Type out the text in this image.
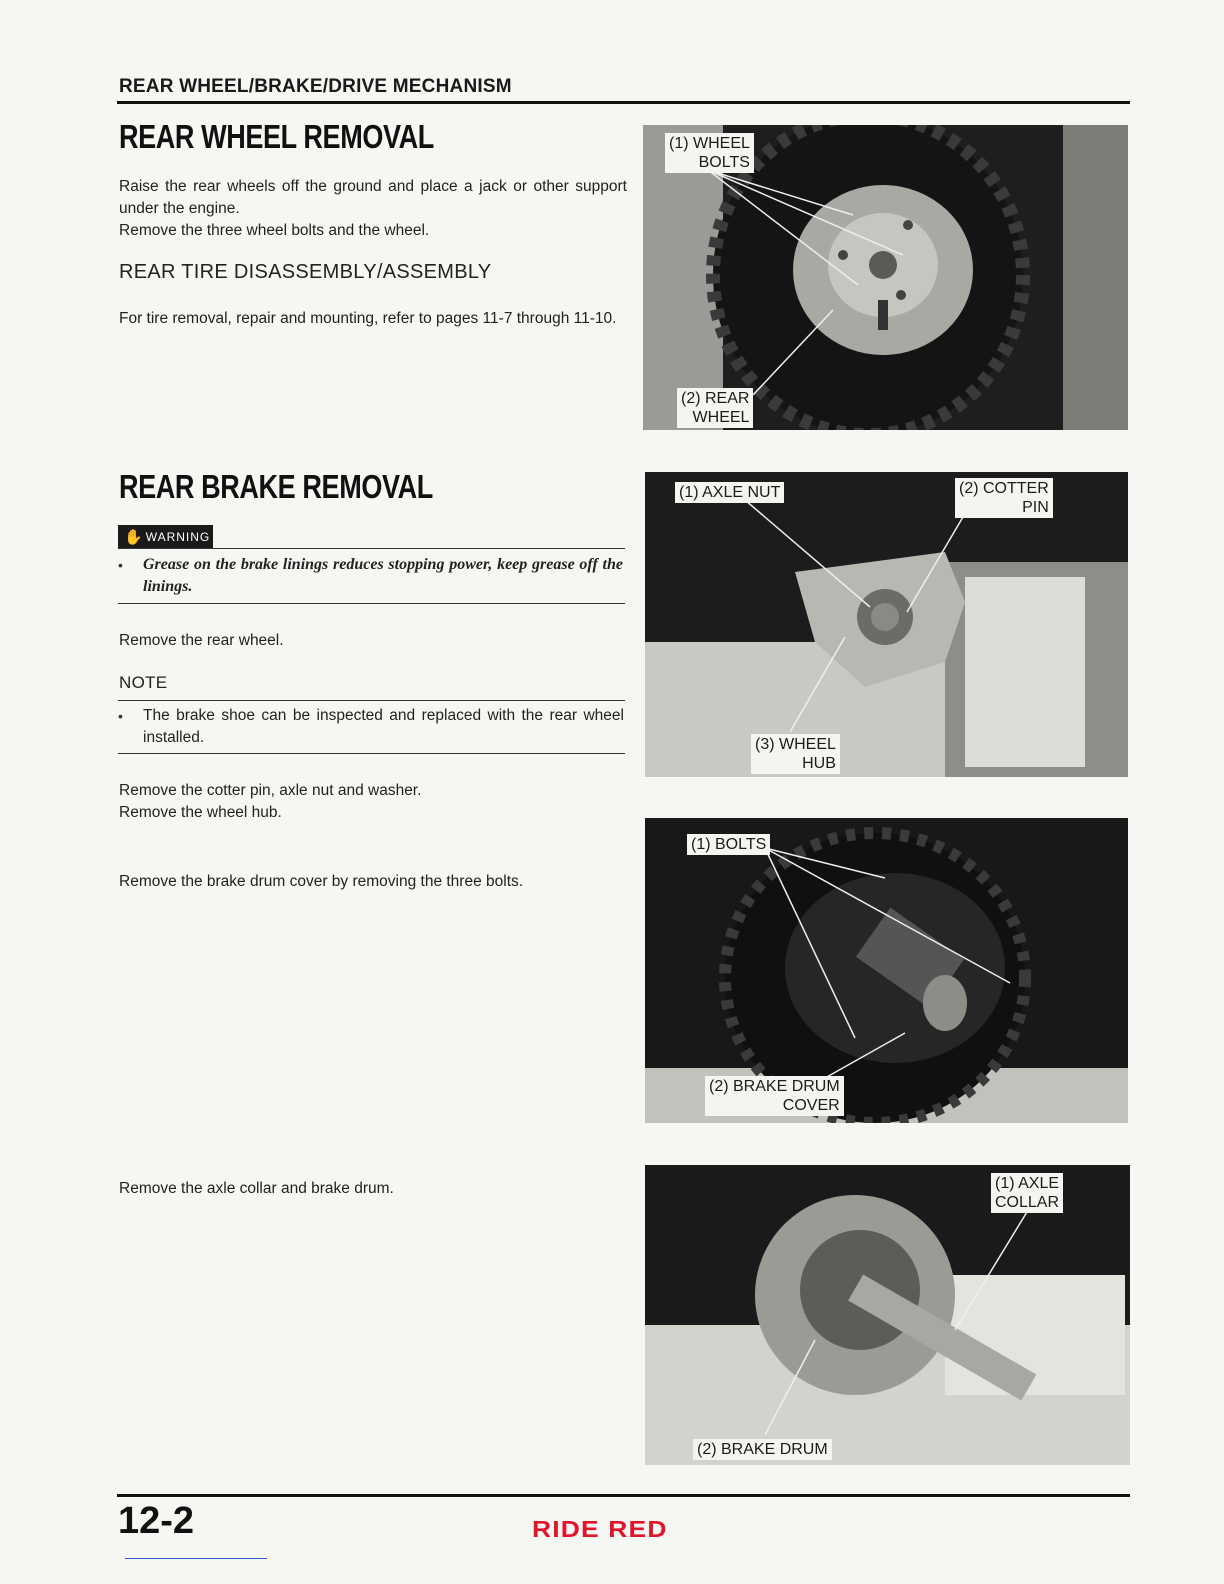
REAR WHEEL/BRAKE/DRIVE MECHANISM
REAR WHEEL REMOVAL
Raise the rear wheels off the ground and place a jack or other support under the engine.
Remove the three wheel bolts and the wheel.
REAR TIRE DISASSEMBLY/ASSEMBLY
For tire removal, repair and mounting, refer to pages 11-7 through 11-10.
REAR BRAKE REMOVAL
✋ WARNING
• Grease on the brake linings reduces stopping power, keep grease off the linings.
Remove the rear wheel.
NOTE
• The brake shoe can be inspected and replaced with the rear wheel installed.
Remove the cotter pin, axle nut and washer.
Remove the wheel hub.
Remove the brake drum cover by removing the three bolts.
Remove the axle collar and brake drum.
(1) WHEEL
BOLTS
(2) REAR
WHEEL
(1) AXLE NUT	(2) COTTER
PIN
(3) WHEEL
HUB
(1) BOLTS
(2) BRAKE DRUM
COVER
(1) AXLE
COLLAR
(2) BRAKE DRUM
12-2	RIDE RED
